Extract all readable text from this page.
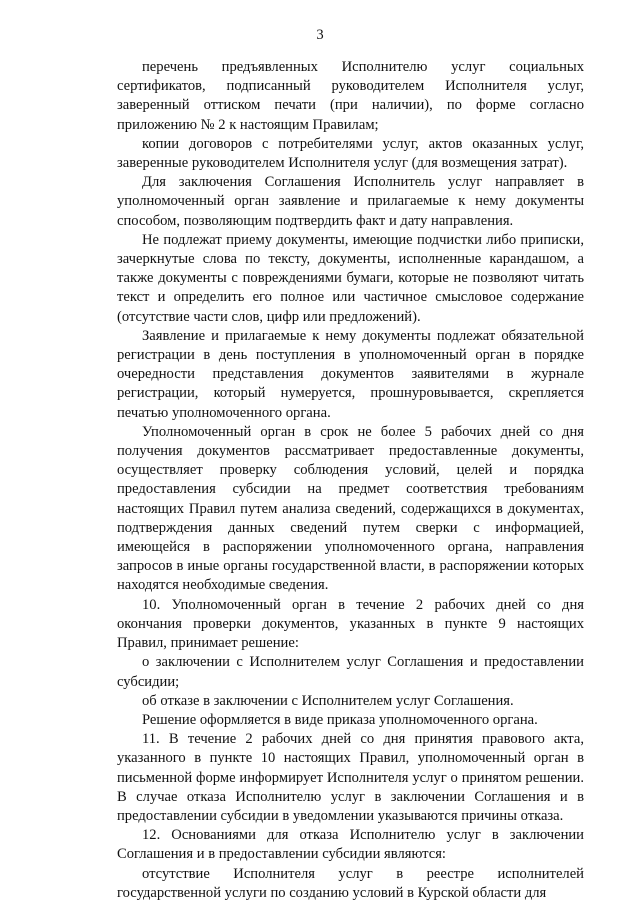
3

перечень предъявленных Исполнителю услуг социальных сертификатов, подписанный руководителем Исполнителя услуг, заверенный оттиском печати (при наличии), по форме согласно приложению № 2 к настоящим Правилам;

копии договоров с потребителями услуг, актов оказанных услуг, заверенные руководителем Исполнителя услуг (для возмещения затрат).

Для заключения Соглашения Исполнитель услуг направляет в уполномоченный орган заявление и прилагаемые к нему документы способом, позволяющим подтвердить факт и дату направления.

Не подлежат приему документы, имеющие подчистки либо приписки, зачеркнутые слова по тексту, документы, исполненные карандашом, а также документы с повреждениями бумаги, которые не позволяют читать текст и определить его полное или частичное смысловое содержание (отсутствие части слов, цифр или предложений).

Заявление и прилагаемые к нему документы подлежат обязательной регистрации в день поступления в уполномоченный орган в порядке очередности представления документов заявителями в журнале регистрации, который нумеруется, прошнуровывается, скрепляется печатью уполномоченного органа.

Уполномоченный орган в срок не более 5 рабочих дней со дня получения документов рассматривает предоставленные документы, осуществляет проверку соблюдения условий, целей и порядка предоставления субсидии на предмет соответствия требованиям настоящих Правил путем анализа сведений, содержащихся в документах, подтверждения данных сведений путем сверки с информацией, имеющейся в распоряжении уполномоченного органа, направления запросов в иные органы государственной власти, в распоряжении которых находятся необходимые сведения.

10. Уполномоченный орган в течение 2 рабочих дней со дня окончания проверки документов, указанных в пункте 9 настоящих Правил, принимает решение:

о заключении с Исполнителем услуг Соглашения и предоставлении субсидии;

об отказе в заключении с Исполнителем услуг Соглашения.

Решение оформляется в виде приказа уполномоченного органа.

11. В течение 2 рабочих дней со дня принятия правового акта, указанного в пункте 10 настоящих Правил, уполномоченный орган в письменной форме информирует Исполнителя услуг о принятом решении. В случае отказа Исполнителю услуг в заключении Соглашения и в предоставлении субсидии в уведомлении указываются причины отказа.

12. Основаниями для отказа Исполнителю услуг в заключении Соглашения и в предоставлении субсидии являются:

отсутствие Исполнителя услуг в реестре исполнителей государственной услуги по созданию условий в Курской области для
